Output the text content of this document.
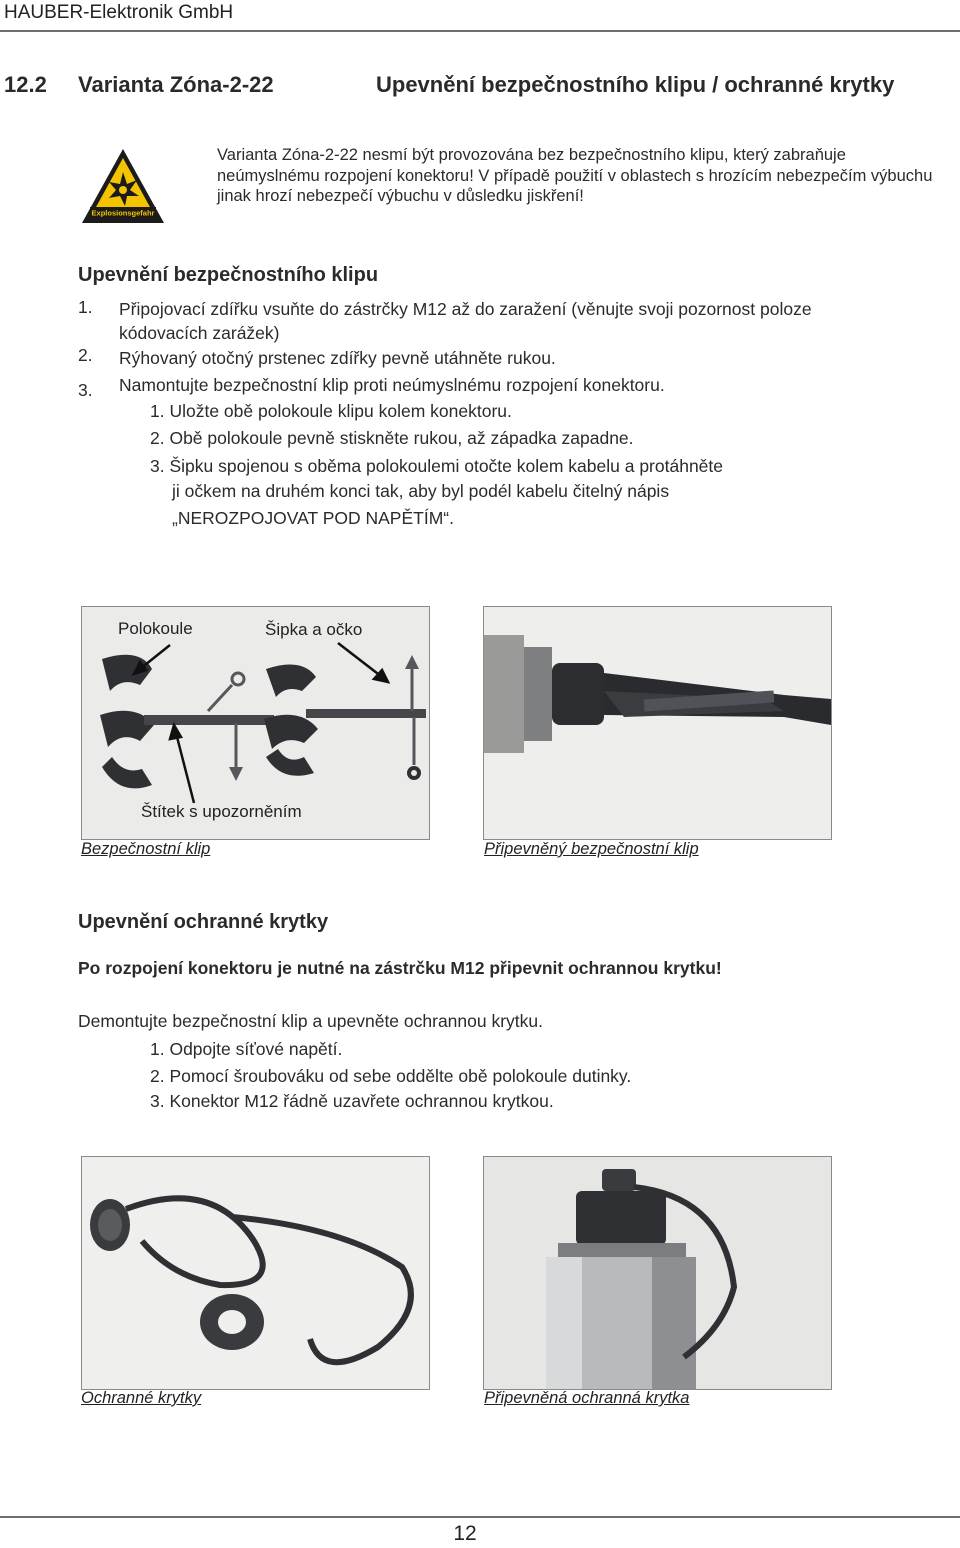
HAUBER-Elektronik GmbH
12.2 Varianta Zóna-2-22	Upevnění bezpečnostního klipu / ochranné krytky
Explosionsgefahr
Varianta Zóna-2-22 nesmí být provozována bez bezpečnostního klipu, který zabraňuje neúmyslnému rozpojení konektoru! V případě použití v oblastech s hrozícím nebezpečím výbuchu jinak hrozí nebezpečí výbuchu v důsledku jiskření!
Upevnění bezpečnostního klipu
1. Připojovací zdířku vsuňte do zástrčky M12 až do zaražení (věnujte svoji pozornost poloze
kódovacích zarážek)
2. Rýhovaný otočný prstenec zdířky pevně utáhněte rukou.
3. Namontujte bezpečnostní klip proti neúmyslnému rozpojení konektoru.
1. Uložte obě polokoule klipu kolem konektoru.
2. Obě polokoule pevně stiskněte rukou, až západka zapadne.
3. Šipku spojenou s oběma polokoulemi otočte kolem kabelu a protáhněte
ji očkem na druhém konci tak, aby byl podél kabelu čitelný nápis
„NEROZPOJOVAT POD NAPĚTÍM“.
Polokoule	Šipka a očko
Štítek s upozorněním
Bezpečnostní klip	Připevněný bezpečnostní klip
Upevnění ochranné krytky
Po rozpojení konektoru je nutné na zástrčku M12 připevnit ochrannou krytku!
Demontujte bezpečnostní klip a upevněte ochrannou krytku.
1. Odpojte síťové napětí.
2. Pomocí šroubováku od sebe oddělte obě polokoule dutinky.
3. Konektor M12 řádně uzavřete ochrannou krytkou.
Ochranné krytky	Připevněná ochranná krytka
12
